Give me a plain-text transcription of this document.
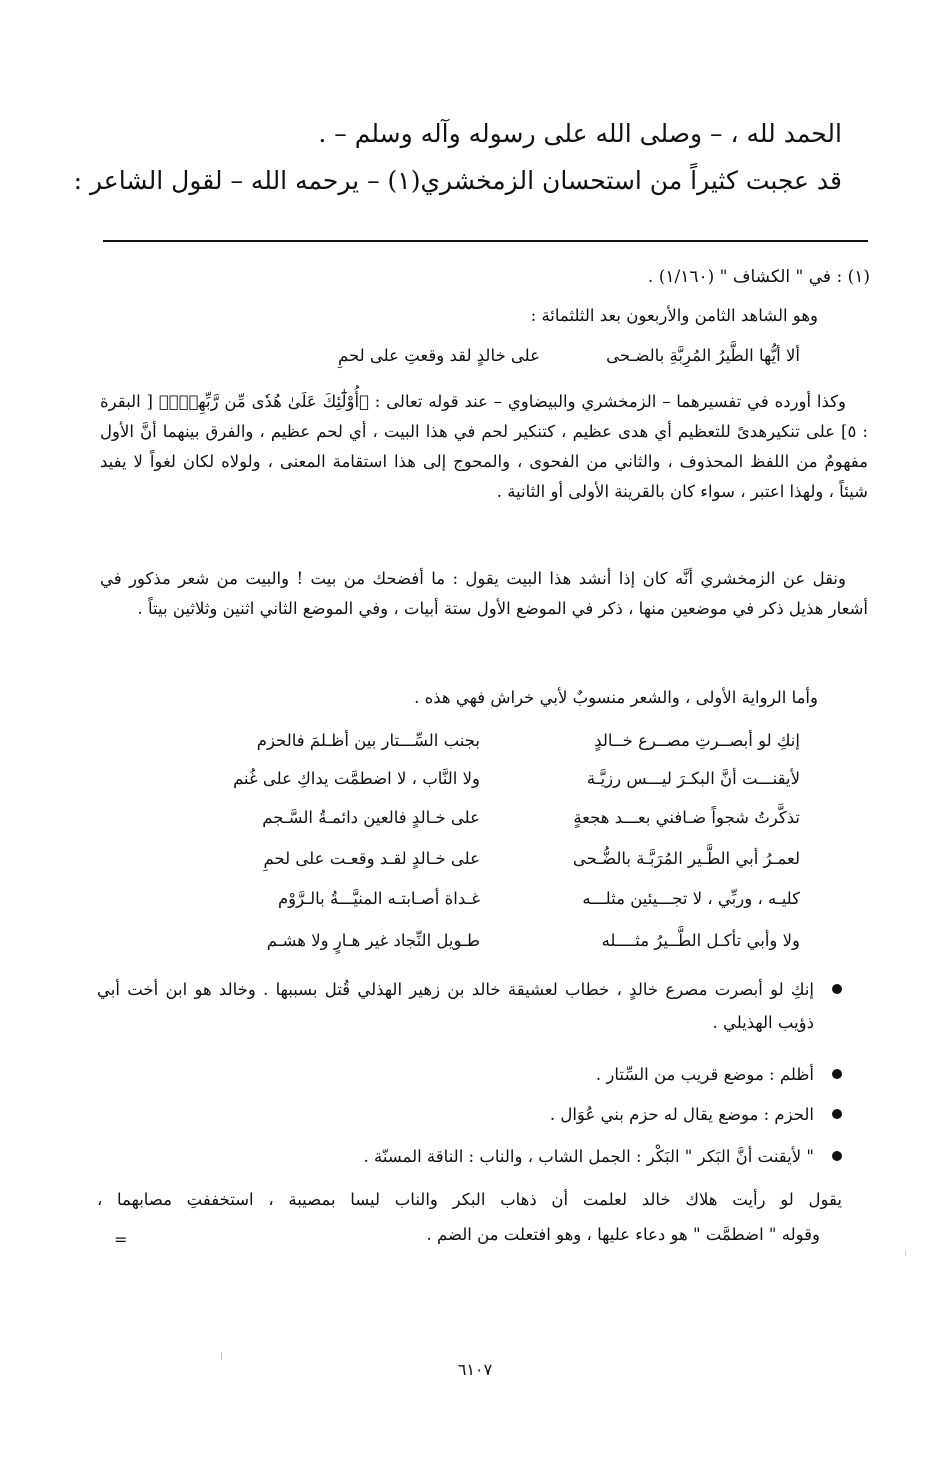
الحمد لله ، – وصلى الله على رسوله وآله وسلم – .
قد عجبت كثيراً من استحسان الزمخشري(١) – يرحمه الله – لقول الشاعر :
(١) : في " الكشاف " (١/١٦٠) .
وهو الشاهد الثامن والأربعون بعد الثلثمائة :
ألا أيُّها الطَّيرُ المُرِبَّةِ بالضـحى
على خالدٍ لقد وقعتِ على لحمِ

وكذا أورده في تفسيرهما – الزمخشري والبيضاوي – عند قوله تعالى : ﴿أُوْلَٰٓئِكَ عَلَىٰ هُدٗى مِّن رَّبِّهِمۡۖ﴾ [ البقرة : ٥] على تنكيرهدىً للتعظيم أي هدى عظيم ، كتنكير لحم في هذا البيت ، أي لحم عظيم ، والفرق بينهما أنَّ الأول مفهومٌ من اللفظ المحذوف ، والثاني من الفحوى ، والمحوج إلى هذا استقامة المعنى ، ولولاه لكان لغواً لا يفيد شيئاً ، ولهذا اعتبر ، سواء كان بالقرينة الأولى أو الثانية .

ونقل عن الزمخشري أنَّه كان إذا أنشد هذا البيت يقول : ما أفضحك من بيت ! والبيت من شعر مذكور في أشعار هذيل ذكر في موضعين منها ، ذكر في الموضع الأول ستة أبيات ، وفي الموضع الثاني اثنين وثلاثين بيتاً .

وأما الرواية الأولى ، والشعر منسوبٌ لأبي خراش فهي هذه .
إنكِ لو أبصــرتِ مصــرع خــالدٍ
بجنب السِّـــتار بين أظـلمَ فالحزم
لأيقنـــت أنَّ البكـرَ ليـــس رزيَّـة
ولا النَّاب ، لا اضطمَّت يداكِ على غُنم
تذكَّرتُ شجواً ضـافني بعـــد هجعةٍ
على خـالدٍ فالعين دائمـةُ السَّـجم
لعمـرُ أبي الطَّـير المُرَبَّـة بالضُّـحى
على خـالدٍ لقـد وقعـت على لحمِ
كليـه ، وربِّي ، لا تجـــيئين مثلـــه
غـداة أصـابتـه المنيَّـــةُ بالـرَّوْم
ولا وأبي تأكـل الطَّــيرُ مثــــله
طـويل النِّجاد غير هـارٍ ولا هشـم
إنكِ لو أبصرت مصرع خالدٍ ، خطاب لعشيقة خالد بن زهير الهذلي قُتل بسببها . وخالد هو ابن أخت أبي ذؤيب الهذيلي .
أظلم : موضع قريب من السِّتار .
الحزم : موضع يقال له حزم بني عُوَال .
" لأيقنت أنَّ البَكر " البَكْر : الجمل الشاب ، والناب : الناقة المسنّة .
يقول لو رأيت هلاك خالد لعلمت أن ذهاب البكر والناب ليسا بمصيبة ، استخففتِ مصابهما ،
وقوله " اضطمَّت " هو دعاء عليها ، وهو افتعلت من الضم .
=
٦١٠٧
